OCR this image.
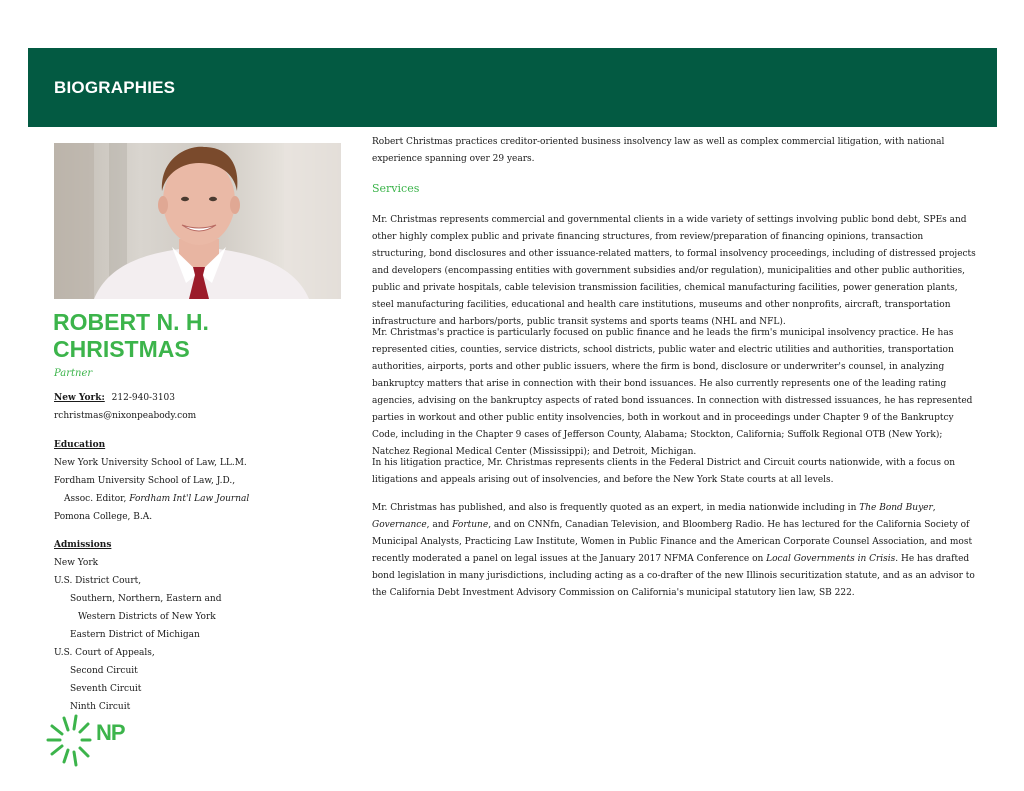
BIOGRAPHIES
ROBERT N. H.
CHRISTMAS
Partner
New York: 212-940-3103
rchristmas@nixonpeabody.com
Education
New York University School of Law, LL.M.
Fordham University School of Law, J.D.,
Assoc. Editor, Fordham Int'l Law Journal
Pomona College, B.A.
Admissions
New York
U.S. District Court,
Southern, Northern, Eastern and
Western Districts of New York
Eastern District of Michigan
U.S. Court of Appeals,
Second Circuit
Seventh Circuit
Ninth Circuit

Robert Christmas practices creditor-oriented business insolvency law as well as complex commercial litigation, with national experience spanning over 29 years.

Services

Mr. Christmas represents commercial and governmental clients in a wide variety of settings involving public bond debt, SPEs and other highly complex public and private financing structures, from review/preparation of financing opinions, transaction structuring, bond disclosures and other issuance-related matters, to formal insolvency proceedings, including of distressed projects and developers (encompassing entities with government subsidies and/or regulation), municipalities and other public authorities, public and private hospitals, cable television transmission facilities, chemical manufacturing facilities, power generation plants, steel manufacturing facilities, educational and health care institutions, museums and other nonprofits, aircraft, transportation infrastructure and harbors/ports, public transit systems and sports teams (NHL and NFL).

Mr. Christmas's practice is particularly focused on public finance and he leads the firm's municipal insolvency practice. He has represented cities, counties, service districts, school districts, public water and electric utilities and authorities, transportation authorities, airports, ports and other public issuers, where the firm is bond, disclosure or underwriter's counsel, in analyzing bankruptcy matters that arise in connection with their bond issuances. He also currently represents one of the leading rating agencies, advising on the bankruptcy aspects of rated bond issuances. In connection with distressed issuances, he has represented parties in workout and other public entity insolvencies, both in workout and in proceedings under Chapter 9 of the Bankruptcy Code, including in the Chapter 9 cases of Jefferson County, Alabama; Stockton, California; Suffolk Regional OTB (New York); Natchez Regional Medical Center (Mississippi); and Detroit, Michigan.

In his litigation practice, Mr. Christmas represents clients in the Federal District and Circuit courts nationwide, with a focus on litigations and appeals arising out of insolvencies, and before the New York State courts at all levels.

Mr. Christmas has published, and also is frequently quoted as an expert, in media nationwide including in The Bond Buyer, Governance, and Fortune, and on CNNfn, Canadian Television, and Bloomberg Radio. He has lectured for the California Society of Municipal Analysts, Practicing Law Institute, Women in Public Finance and the American Corporate Counsel Association, and most recently moderated a panel on legal issues at the January 2017 NFMA Conference on Local Governments in Crisis. He has drafted bond legislation in many jurisdictions, including acting as a co-drafter of the new Illinois securitization statute, and as an advisor to the California Debt Investment Advisory Commission on California's municipal statutory lien law, SB 222.

NP
